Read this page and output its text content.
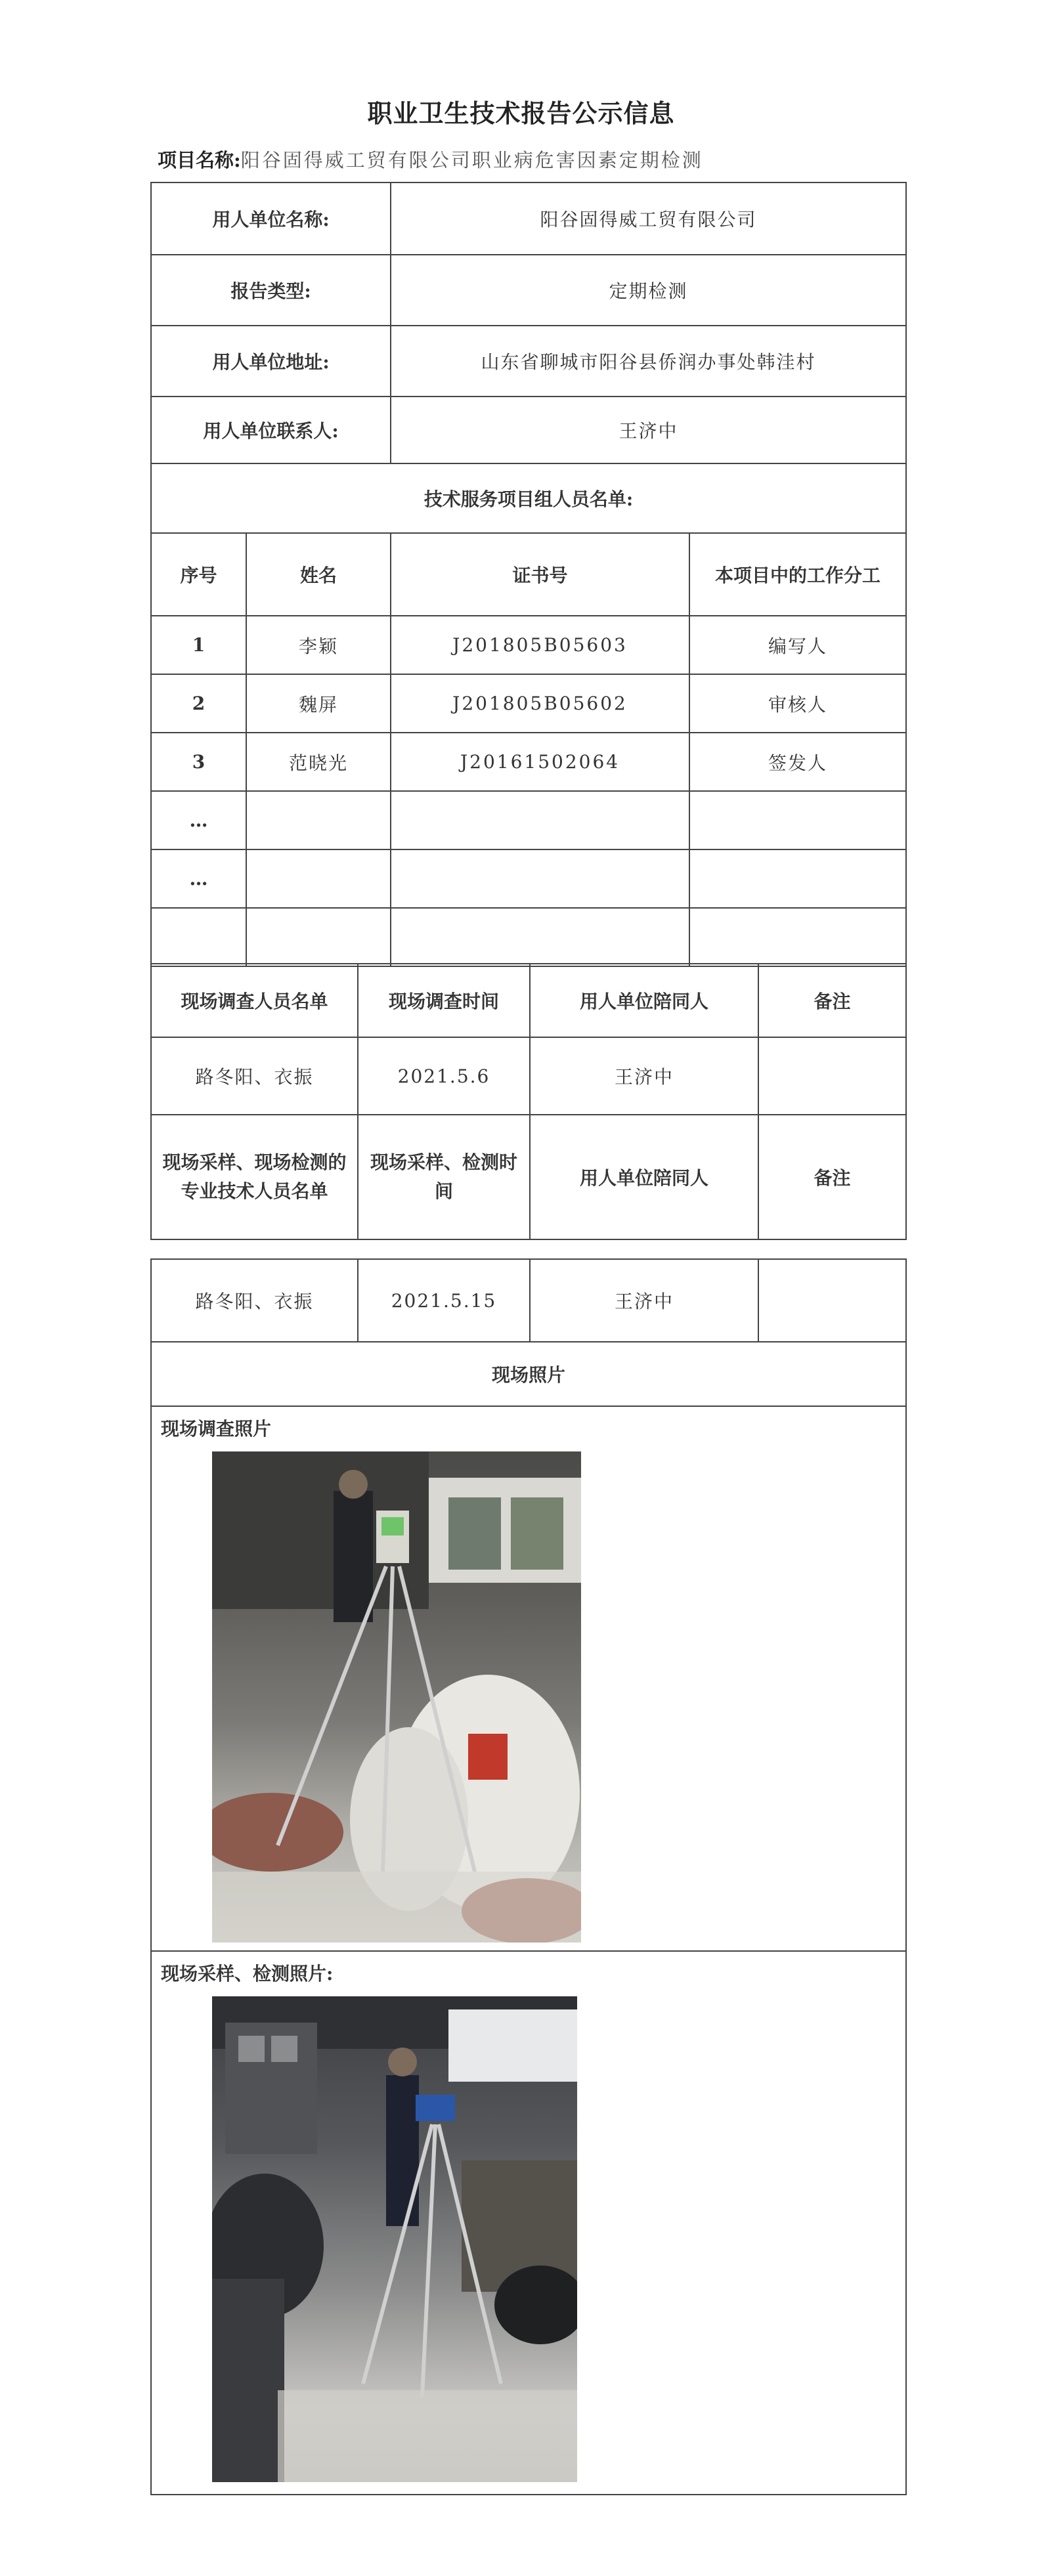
职业卫生技术报告公示信息
项目名称:阳谷固得威工贸有限公司职业病危害因素定期检测
用人单位名称:		阳谷固得威工贸有限公司	
报告类型:		定期检测	
用人单位地址:		山东省聊城市阳谷县侨润办事处韩洼村	
用人单位联系人:		王济中	
技术服务项目组人员名单:			
序号	姓名	证书号	本项目中的工作分工
1	李颖	J201805B05603	编写人
2	魏屏	J201805B05602	审核人
3	范晓光	J20161502064	签发人
…			
…			

现场调查人员名单	现场调查时间	用人单位陪同人	备注
路冬阳、衣振	2021.5.6	王济中	
现场采样、现场检测的专业技术人员名单	现场采样、检测时间	用人单位陪同人	备注
路冬阳、衣振	2021.5.15	王济中	
现场照片

现场调查照片

现场采样、检测照片:
